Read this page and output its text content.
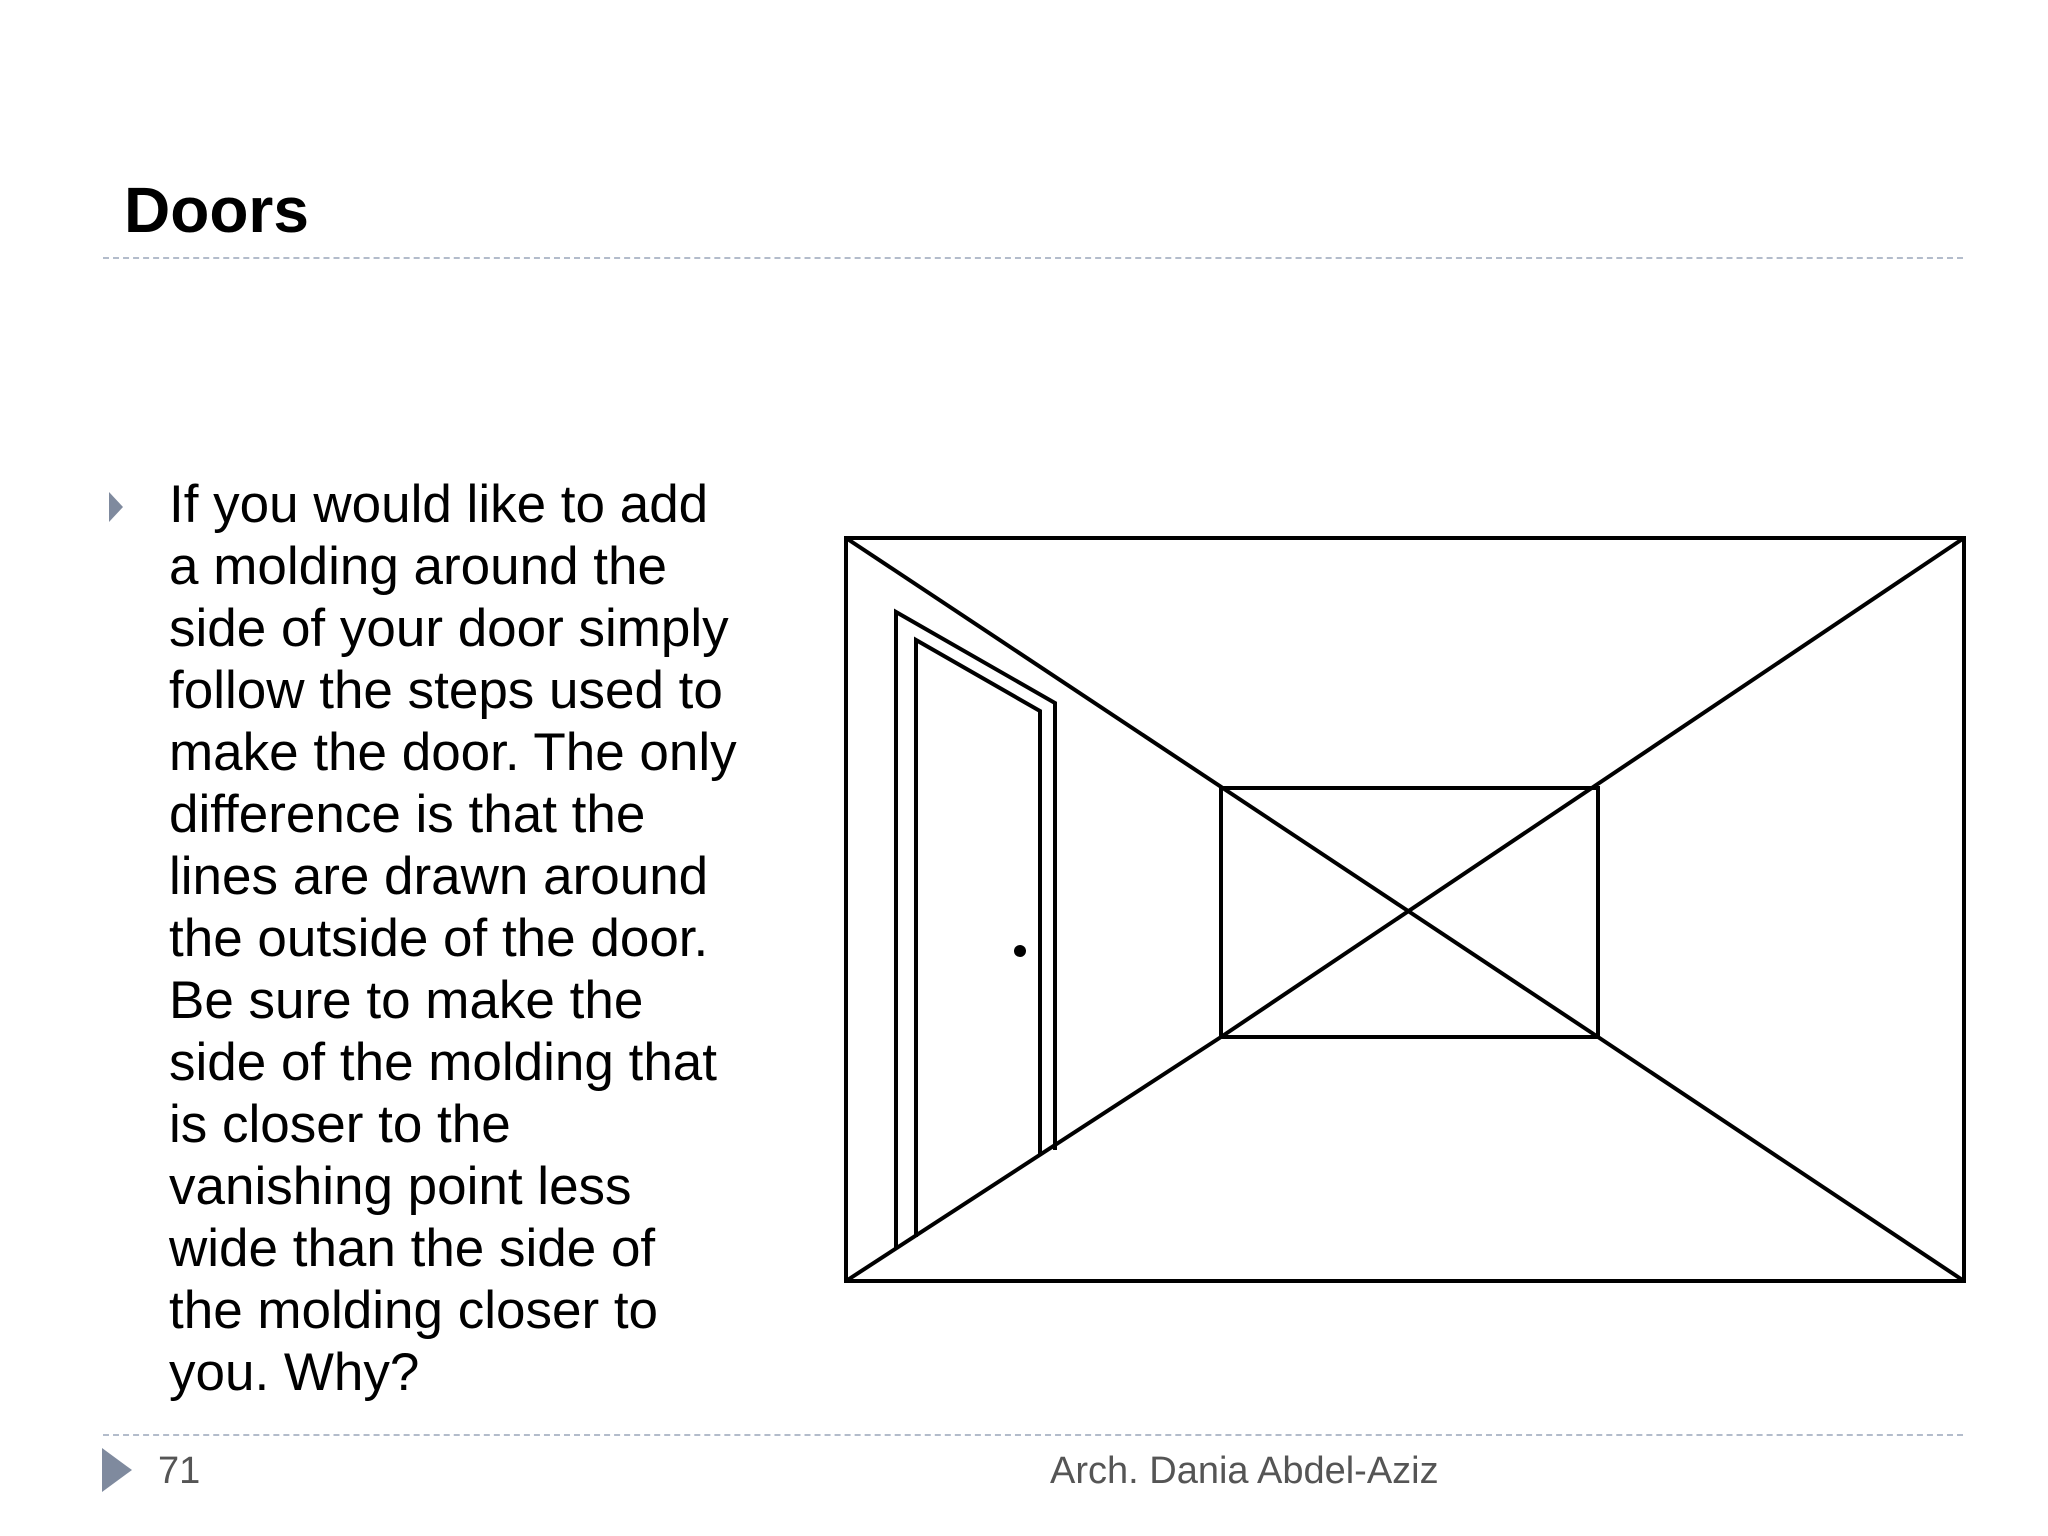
Doors

If you would like to add
a molding around the
side of your door simply
follow the steps used to
make the door. The only
difference is that the
lines are drawn around
the outside of the door.
Be sure to make the
side of the molding that
is closer to the
vanishing point less
wide than the side of
the molding closer to
you. Why?

71	Arch. Dania Abdel-Aziz
